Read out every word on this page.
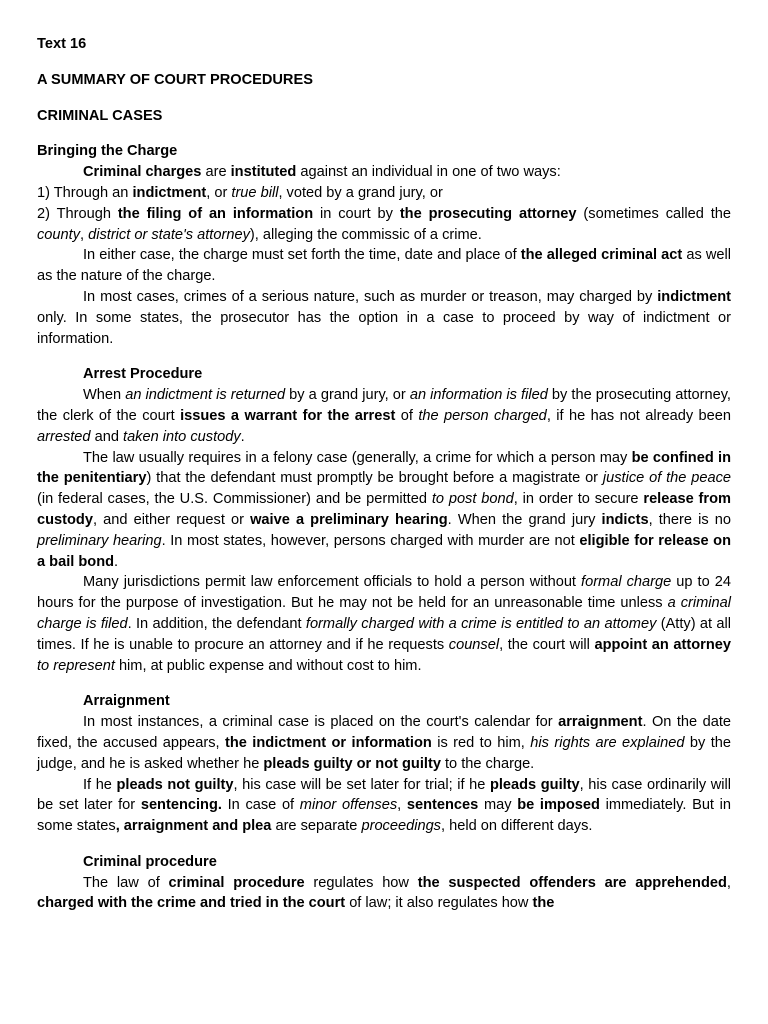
Text 16
A SUMMARY OF COURT PROCEDURES
CRIMINAL CASES
Bringing the Charge

Criminal charges are instituted against an individual in one of two ways:

1) Through an indictment, or true bill, voted by a grand jury, or

2) Through the filing of an information in court by the prosecuting attorney (sometimes called the county, district or state's attorney), alleging the commissic of a crime.

In either case, the charge must set forth the time, date and place of the alleged criminal act as well as the nature of the charge.

In most cases, crimes of a serious nature, such as murder or treason, may charged by indictment only. In some states, the prosecutor has the option in a case to proceed by way of indictment or information.

Arrest Procedure

When an indictment is returned by a grand jury, or an information is filed by the prosecuting attorney, the clerk of the court issues a warrant for the arrest of the person charged, if he has not already been arrested and taken into custody.

The law usually requires in a felony case (generally, a crime for which a person may be confined in the penitentiary) that the defendant must promptly be brought before a magistrate or justice of the peace (in federal cases, the U.S. Commissioner) and be permitted to post bond, in order to secure release from custody, and either request or waive a preliminary hearing. When the grand jury indicts, there is no preliminary hearing. In most states, however, persons charged with murder are not eligible for release on a bail bond.

Many jurisdictions permit law enforcement officials to hold a person without formal charge up to 24 hours for the purpose of investigation. But he may not be held for an unreasonable time unless a criminal charge is filed. In addition, the defendant formally charged with a crime is entitled to an attomey (Atty) at all times. If he is unable to procure an attorney and if he requests counsel, the court will appoint an attorney to represent him, at public expense and without cost to him.

Arraignment

In most instances, a criminal case is placed on the court's calendar for arraignment. On the date fixed, the accused appears, the indictment or information is red to him, his rights are explained by the judge, and he is asked whether he pleads guilty or not guilty to the charge.

If he pleads not guilty, his case will be set later for trial; if he pleads guilty, his case ordinarily will be set later for sentencing. In case of minor offenses, sentences may be imposed immediately. But in some states, arraignment and plea are separate proceedings, held on different days.

Criminal procedure

The law of criminal procedure regulates how the suspected offenders are apprehended, charged with the crime and tried in the court of law; it also regulates how the
